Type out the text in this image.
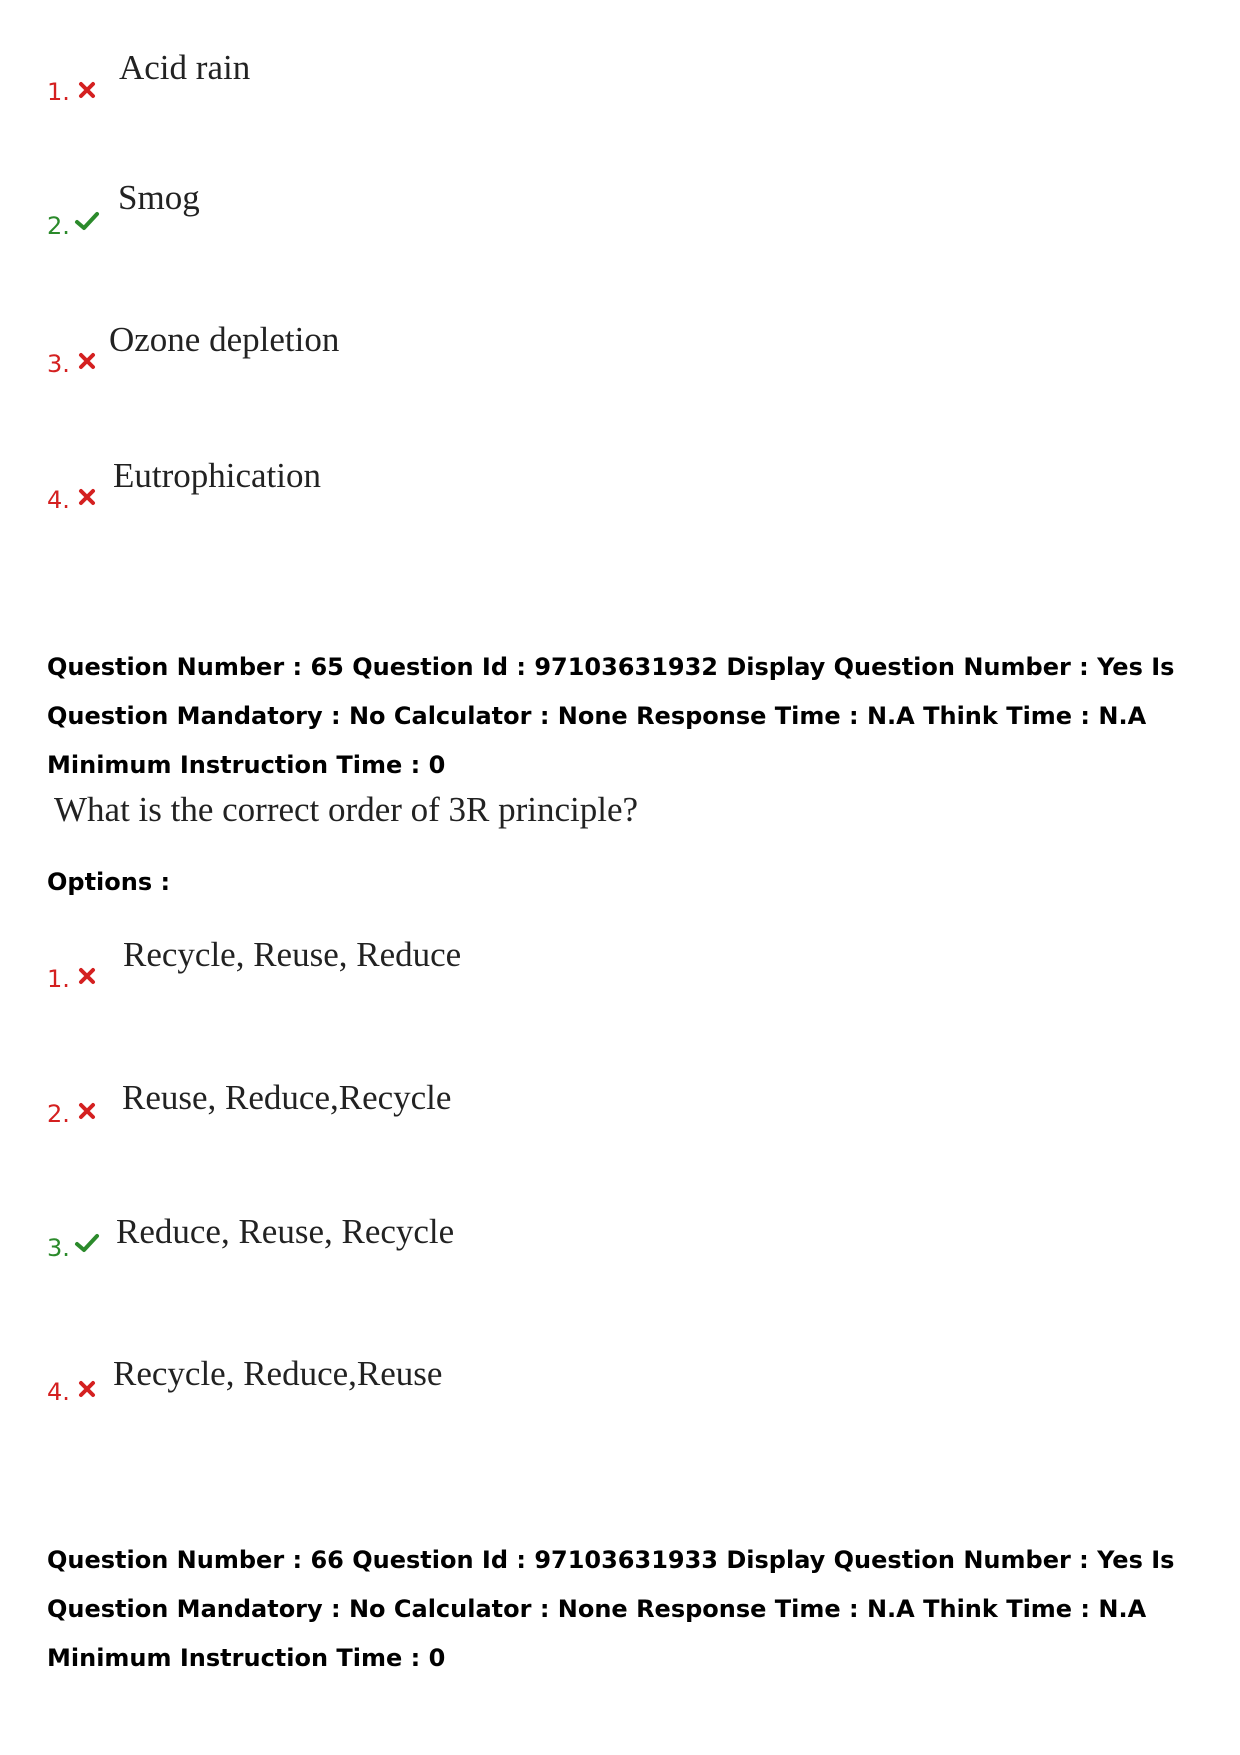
1.
Acid rain
2.
Smog
3.
Ozone depletion
4.
Eutrophication
Question Number : 65 Question Id : 97103631932 Display Question Number : Yes Is Question Mandatory : No Calculator : None Response Time : N.A Think Time : N.A Minimum Instruction Time : 0
What is the correct order of 3R principle?
Options :
1.
Recycle, Reuse, Reduce
2. Reuse, Reduce,Recycle
3. Reduce, Reuse, Recycle
4. Recycle, Reduce,Reuse
Question Number : 66 Question Id : 97103631933 Display Question Number : Yes Is Question Mandatory : No Calculator : None Response Time : N.A Think Time : N.A Minimum Instruction Time : 0
